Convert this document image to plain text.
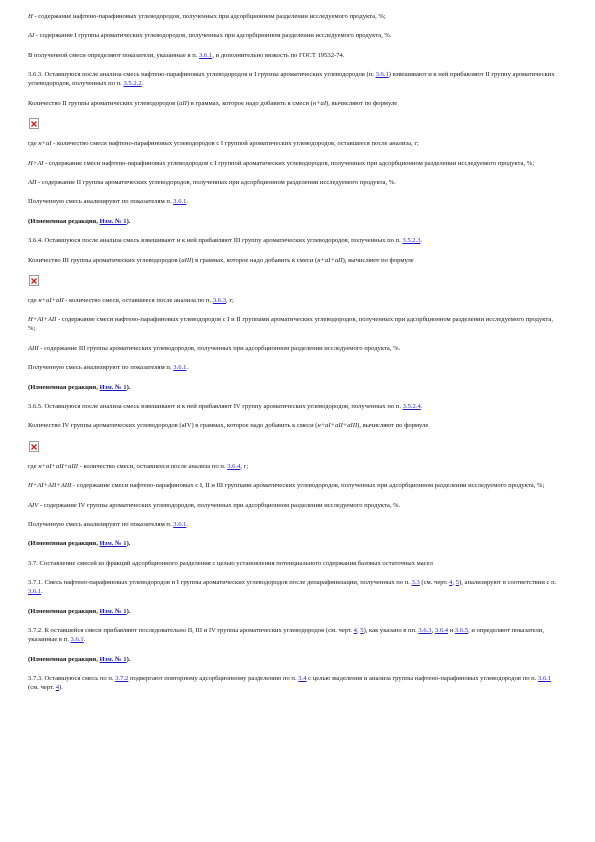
Н - содержание нафтено-парафиновых углеводородов, полученных при адсорбционном разделении исследуемого продукта, %;

АI - содержание I группы ароматических углеводородов, полученных при адсорбционном разделении исследуемого продукта, %.

В полученной смеси определяют показатели, указанные в п. 3.6.1, и дополнительно вязкость по ГОСТ 19532-74.

3.6.3. Оставшуюся после анализа смесь нафтено-парафиновых углеводородов и I группы ароматических углеводородов (п. 3.6.1) взвешивают и к ней прибавляют II группу ароматических углеводородов, полученных по п. 3.5.2.2.

Количество II группы ароматических углеводородов (aII) в граммах, которое надо добавить к смеси (н+aI), вычисляют по формуле

где н+aI - количество смеси нафтено-парафиновых углеводородов с I группой ароматических углеводородов, оставшееся после анализа, г;

Н+АI - содержание смеси нафтено-парафиновых углеводородов с I группой ароматических углеводородов, полученных при адсорбционном разделении исследуемого продукта, %;

АII - содержание II группы ароматических углеводородов, полученных при адсорбционном разделении исследуемого продукта, %.

Полученную смесь анализируют по показателям п. 3.6.1.

(Измененная редакция, Изм. № 1).

3.6.4. Оставшуюся после анализа смесь взвешивают и к ней прибавляют III группу ароматических углеводородов, полученных по п. 3.5.2.3.

Количество III группы ароматических углеводородов (aIII) в граммах, которое надо добавить к смеси (н+aI+aII), вычисляют по формуле

где н+aI+aII - количество смеси, оставшееся после анализа по п. 3.6.3, г;

Н+АI+АII - содержание смеси нафтено-парафиновых углеводородов с I и II группами ароматических углеводородов, полученных при адсорбционном разделении исследуемого продукта, %;

АIII - содержание III группы ароматических углеводородов, полученных при адсорбционном разделении исследуемого продукта, %.

Полученную смесь анализируют по показателям п. 3.6.1.

(Измененная редакция, Изм. № 1).

3.6.5. Оставшуюся после анализа смесь взвешивают и к ней прибавляют IV группу ароматических углеводородов, полученных по п. 3.5.2.4.

Количество IV группы ароматических углеводородов (aIV) в граммах, которое надо добавить к смеси (н+aI+aII+aIII), вычисляют по формуле

где н+aI+aII+aIII - количество смеси, оставшееся после анализа по п. 3.6.4, г;

Н+АI+АII+АIII - содержание смеси нафтено-парафиновых с I, II и III группами ароматических углеводородов, полученных при адсорбционном разделении исследуемого продукта, %;

АIV - содержание IV группы ароматических углеводородов, полученных при адсорбционном разделении исследуемого продукта, %.

Полученную смесь анализируют по показателям п. 3.6.1.

(Измененная редакция, Изм. № 1).

3.7. Составление смесей из фракций адсорбционного разделения с целью установления потенциального содержания базовых остаточных масел

3.7.1. Смесь нафтено-парафиновых углеводородов и I группы ароматических углеводородов после депарафинизации, полученных по п. 3.3 (см. черт. 4, 5), анализируют в соответствии с п. 3.6.1.

(Измененная редакция, Изм. № 1).

3.7.2. К оставшейся смеси прибавляют последовательно II, III и IV группы ароматических углеводородов (см. черт. 4, 5), как указано в пп. 3.6.3, 3.6.4 и 3.6.5, и определяют показатели, указанные в п. 3.6.1.

(Измененная редакция, Изм. № 1).

3.7.3. Оставшуюся смесь по п. 3.7.2 подвергают повторному адсорбционному разделению по п. 3.4 с целью выделения и анализа группы нафтено-парафиновых углеводородов по п. 3.6.1 (см. черт. 4).
